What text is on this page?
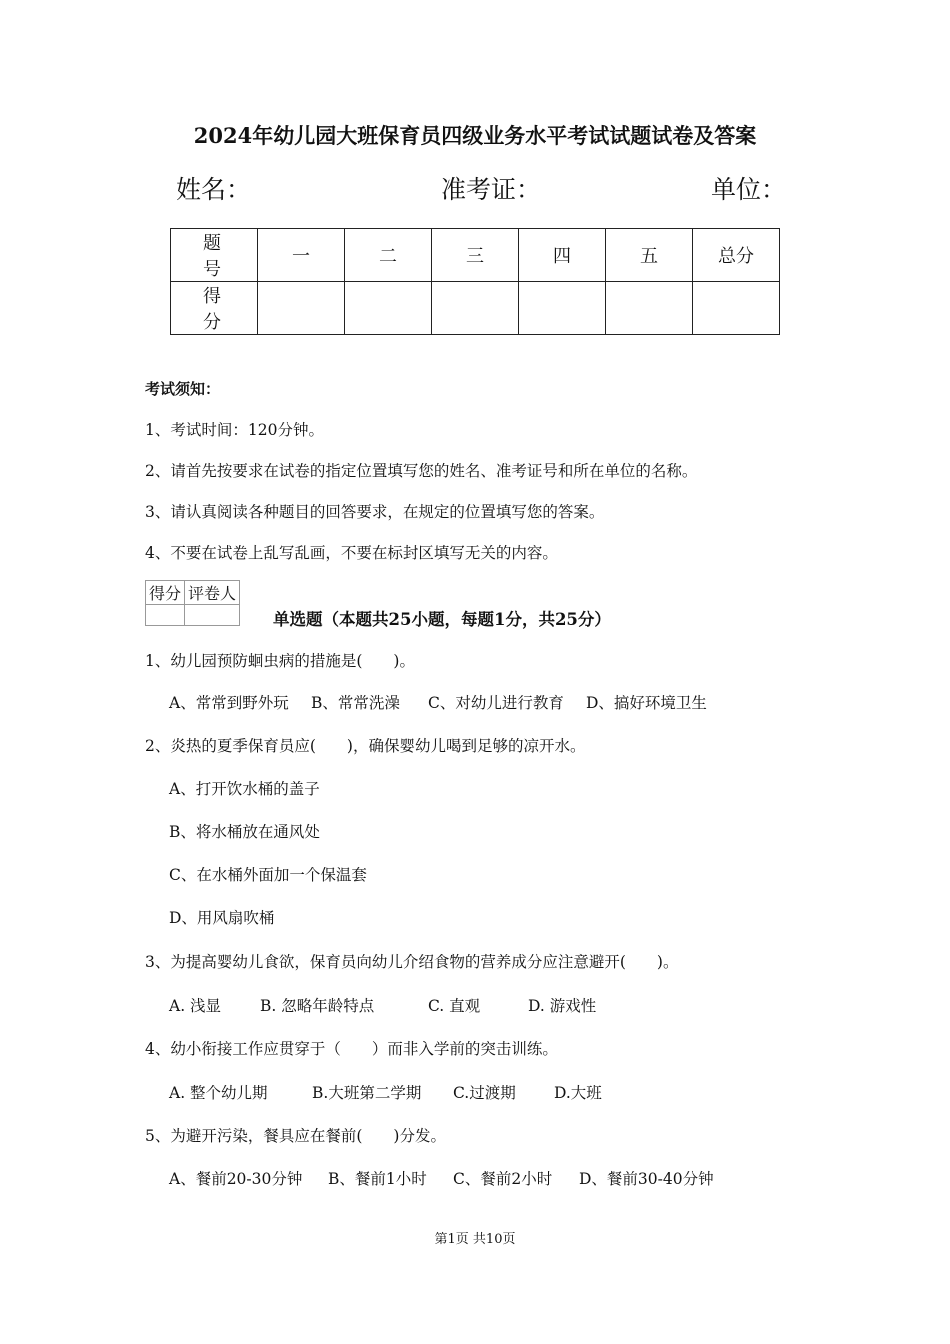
2024年幼儿园大班保育员四级业务水平考试试题试卷及答案
姓名：	准考证：	单位：
题　号	一	二	三	四	五	总分
得　分						
考试须知：
1、考试时间：120分钟。
2、请首先按要求在试卷的指定位置填写您的姓名、准考证号和所在单位的名称。
3、请认真阅读各种题目的回答要求，在规定的位置填写您的答案。
4、不要在试卷上乱写乱画，不要在标封区填写无关的内容。
得分	评卷人

单选题（本题共25小题，每题1分，共25分）
1、幼儿园预防蛔虫病的措施是(　　)。
A、常常到野外玩 B、常常洗澡 C、对幼儿进行教育 D、搞好环境卫生
2、炎热的夏季保育员应(　　)，确保婴幼儿喝到足够的凉开水。
A、打开饮水桶的盖子
B、将水桶放在通风处
C、在水桶外面加一个保温套
D、用风扇吹桶
3、为提高婴幼儿食欲，保育员向幼儿介绍食物的营养成分应注意避开(　　)。
A. 浅显	B. 忽略年龄特点	C. 直观	D. 游戏性
4、幼小衔接工作应贯穿于（　　）而非入学前的突击训练。
A. 整个幼儿期	B.大班第二学期 C.过渡期 D.大班
5、为避开污染，餐具应在餐前(　　)分发。
A、餐前20-30分钟 B、餐前1小时 C、餐前2小时 D、餐前30-40分钟
第1页 共10页
